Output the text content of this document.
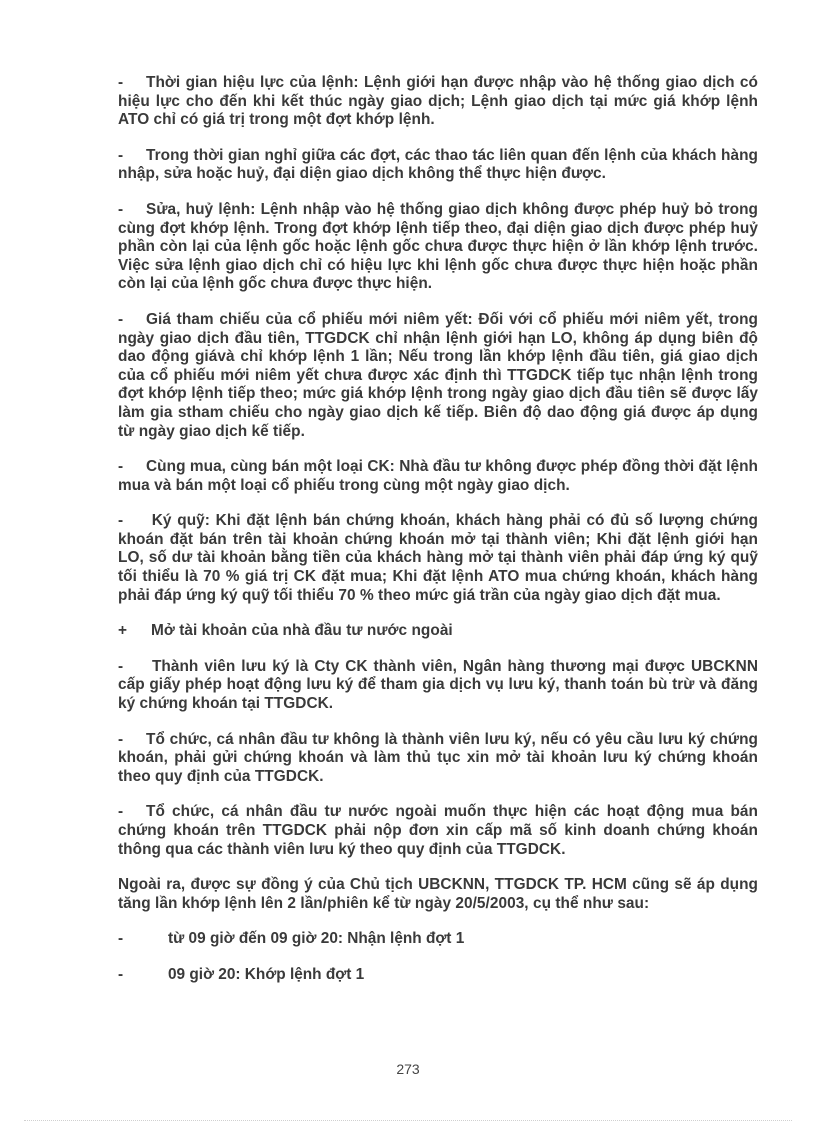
- Thời gian hiệu lực của lệnh: Lệnh giới hạn được nhập vào hệ thống giao dịch có hiệu lực cho đến khi kết thúc ngày giao dịch; Lệnh giao dịch tại mức giá khớp lệnh ATO chỉ có giá trị trong một đợt khớp lệnh.

- Trong thời gian nghỉ giữa các đợt, các thao tác liên quan đến lệnh của khách hàng nhập, sửa hoặc huỷ, đại diện giao dịch không thể thực hiện được.

- Sửa, huỷ lệnh: Lệnh nhập vào hệ thống giao dịch không được phép huỷ bỏ trong cùng đợt khớp lệnh. Trong đợt khớp lệnh tiếp theo, đại diện giao dịch được phép huỷ phần còn lại của lệnh gốc hoặc lệnh gốc chưa được thực hiện ở lần khớp lệnh trước. Việc sửa lệnh giao dịch chỉ có hiệu lực khi lệnh gốc chưa được thực hiện hoặc phần còn lại của lệnh gốc chưa được thực hiện.

- Giá tham chiếu của cổ phiếu mới niêm yết: Đối với cổ phiếu mới niêm yết, trong ngày giao dịch đầu tiên, TTGDCK chỉ nhận lệnh giới hạn LO, không áp dụng biên độ dao động giávà chỉ khớp lệnh 1 lần; Nếu trong lần khớp lệnh đầu tiên, giá giao dịch của cổ phiếu mới niêm yết chưa được xác định thì TTGDCK tiếp tục nhận lệnh trong đợt khớp lệnh tiếp theo; mức giá khớp lệnh trong ngày giao dịch đầu tiên sẽ được lấy làm gia stham chiếu cho ngày giao dịch kế tiếp. Biên độ dao động giá được áp dụng từ ngày giao dịch kế tiếp.

- Cùng mua, cùng bán một loại CK: Nhà đầu tư không được phép đồng thời đặt lệnh mua và bán một loại cổ phiếu trong cùng một ngày giao dịch.

- Ký quỹ: Khi đặt lệnh bán chứng khoán, khách hàng phải có đủ số lượng chứng khoán đặt bán trên tài khoản chứng khoán mở tại thành viên; Khi đặt lệnh giới hạn LO, số dư tài khoản bằng tiền của khách hàng mở tại thành viên phải đáp ứng ký quỹ tối thiểu là 70 % giá trị CK đặt mua; Khi đặt lệnh ATO mua chứng khoán, khách hàng phải đáp ứng ký quỹ tối thiểu 70 % theo mức giá trần của ngày giao dịch đặt mua.

+ Mở tài khoản của nhà đầu tư nước ngoài

- Thành viên lưu ký là Cty CK thành viên, Ngân hàng thương mại được UBCKNN cấp giấy phép hoạt động lưu ký để tham gia dịch vụ lưu ký, thanh toán bù trừ và đăng ký chứng khoán tại TTGDCK.

- Tổ chức, cá nhân đầu tư không là thành viên lưu ký, nếu có yêu cầu lưu ký chứng khoán, phải gửi chứng khoán và làm thủ tục xin mở tài khoản lưu ký chứng khoán theo quy định của TTGDCK.

- Tổ chức, cá nhân đầu tư nước ngoài muốn thực hiện các hoạt động mua bán chứng khoán trên TTGDCK phải nộp đơn xin cấp mã số kinh doanh chứng khoán thông qua các thành viên lưu ký theo quy định của TTGDCK.

Ngoài ra, được sự đồng ý của Chủ tịch UBCKNN, TTGDCK TP. HCM cũng sẽ áp dụng tăng lần khớp lệnh lên 2 lần/phiên kể từ ngày 20/5/2003, cụ thể như sau:

-	từ 09 giờ đến 09 giờ 20: Nhận lệnh đợt 1

-	09 giờ 20: Khớp lệnh đợt 1

273
